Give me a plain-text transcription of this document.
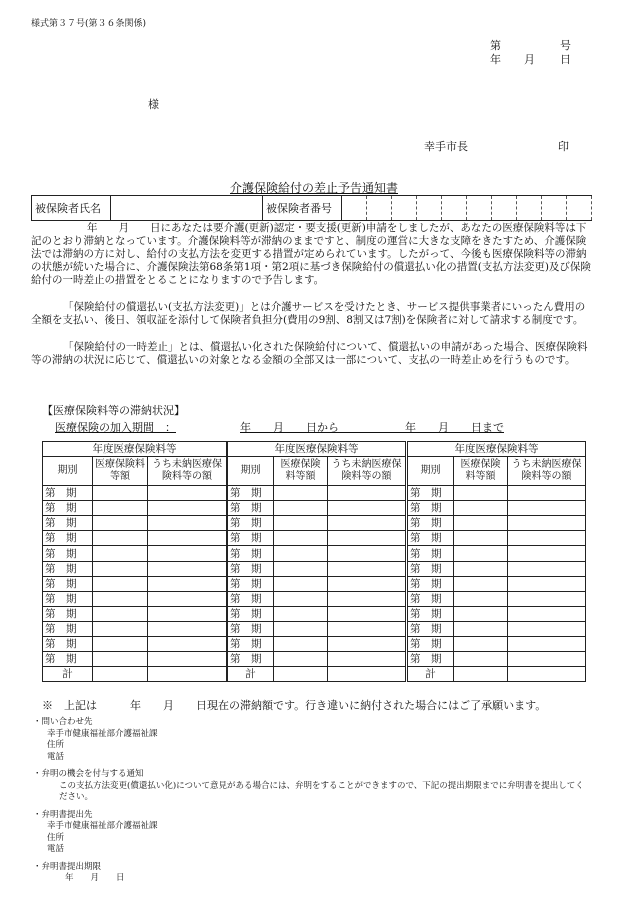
様式第３７号(第３６条関係)
第	号
年 月 日
様
幸手市長	印
介護保険給付の差止予告通知書
被保険者氏名		被保険者番号										
年　　月　　日にあなたは要介護(更新)認定・要支援(更新)申請をしましたが、あなたの医療保険料等は下記のとおり滞納となっています。介護保険料等が滞納のままですと、制度の運営に大きな支障をきたすため、介護保険法では滞納の方に対し、給付の支払方法を変更する措置が定められています。したがって、今後も医療保険料等の滞納の状態が続いた場合に、介護保険法第68条第1項・第2項に基づき保険給付の償還払い化の措置(支払方法変更)及び保険給付の一時差止の措置をとることになりますので予告します。
「保険給付の償還払い(支払方法変更)」とは介護サービスを受けたとき、サービス提供事業者にいったん費用の全額を支払い、後日、領収証を添付して保険者負担分(費用の9割、8割又は7割)を保険者に対して請求する制度です。
「保険給付の一時差止」とは、償還払い化された保険給付について、償還払いの申請があった場合、医療保険料等の滞納の状況に応じて、償還払いの対象となる金額の全部又は一部について、支払の一時差止めを行うものです。
【医療保険料等の滞納状況】
医療保険の加入期間　：	年　　月　　日から　　　　　　年　　月　　日まで
年度医療保険料等		
期別	医療保険料等額	うち未納医療保険料等の額
第　期		
第　期		
第　期		
第　期		
第　期		
第　期		
第　期		
第　期		
第　期		
第　期		
第　期		
第　期		
計		
年度医療保険料等		
期別	医療保険料等額	うち未納医療保険料等の額
第　期		
第　期		
第　期		
第　期		
第　期		
第　期		
第　期		
第　期		
第　期		
第　期		
第　期		
第　期		
計		
年度医療保険料等		
期別	医療保険料等額	うち未納医療保険料等の額
第　期		
第　期		
第　期		
第　期		
第　期		
第　期		
第　期		
第　期		
第　期		
第　期		
第　期		
第　期		
計		
※　上記は　　　年　　月　　日現在の滞納額です。行き違いに納付された場合にはご了承願います。
・問い合わせ先
幸手市健康福祉部介護福祉課
住所
電話
・弁明の機会を付与する通知
この支払方法変更(償還払い化)について意見がある場合には、弁明をすることができますので、下記の提出期限までに弁明書を提出してください。
・弁明書提出先
幸手市健康福祉部介護福祉課
住所
電話
・弁明書提出期限
年　　月　　日
